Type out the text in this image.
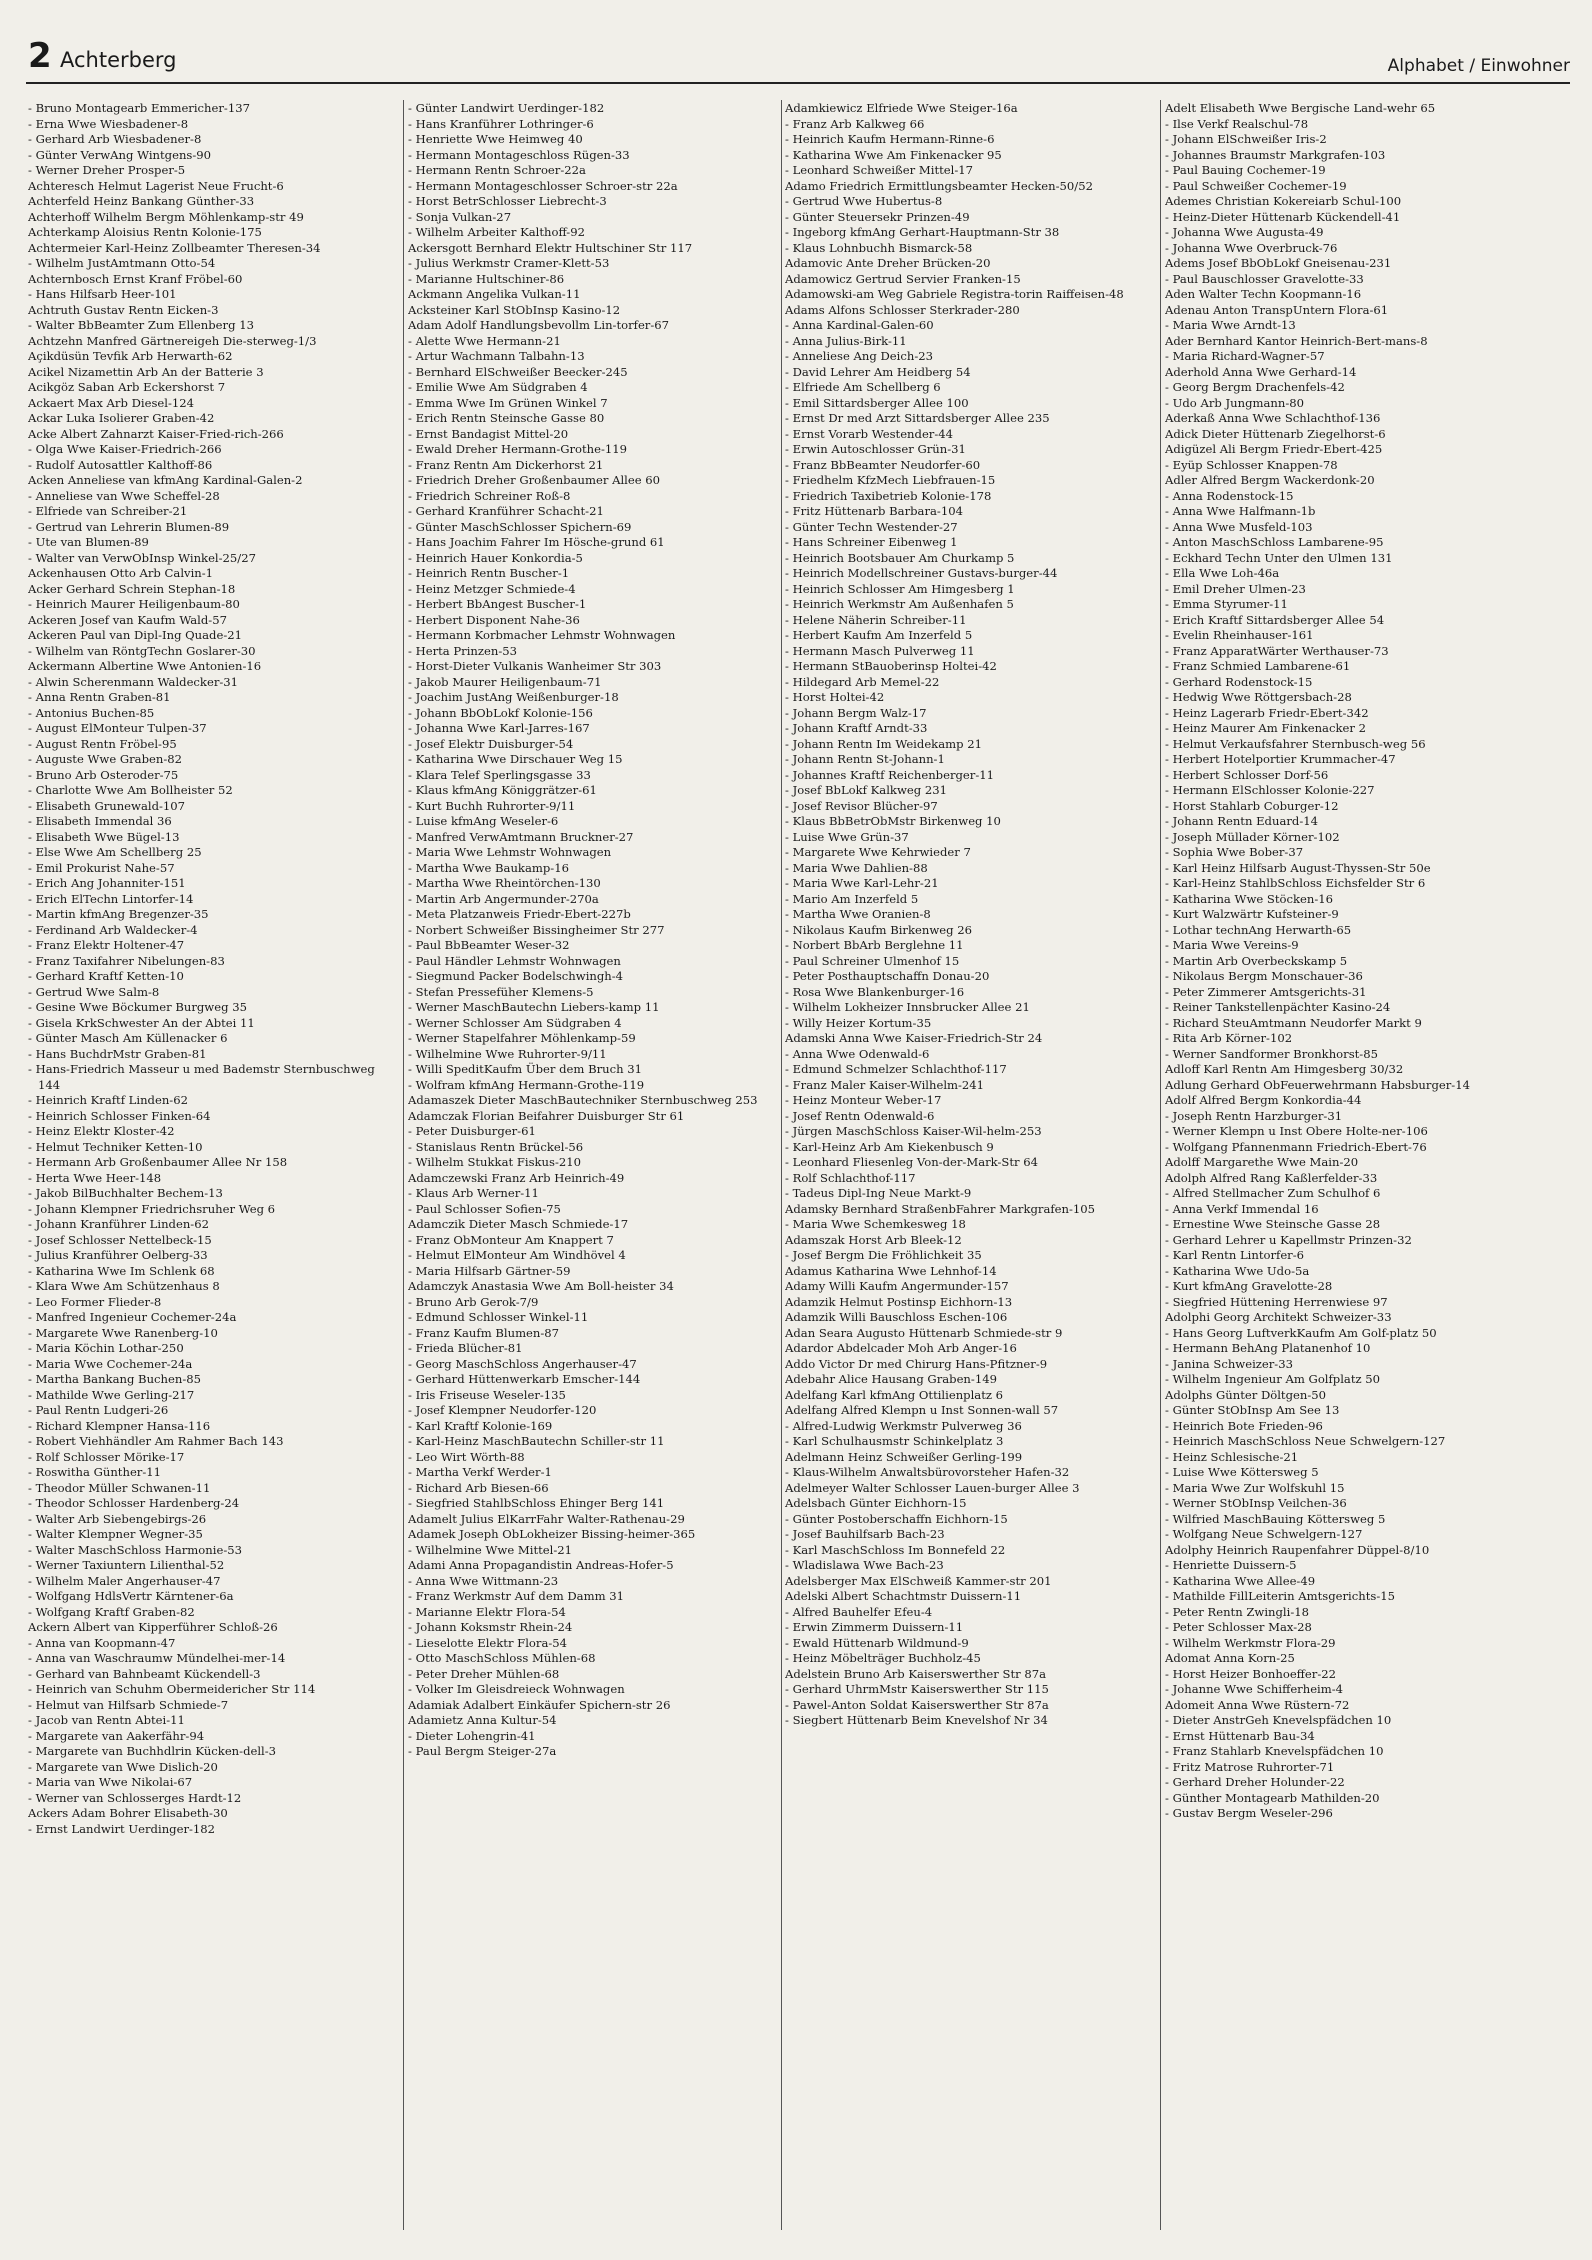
2 Achterberg	Alphabet / Einwohner
- Bruno Montagearb Emmericher-137
- Erna Wwe Wiesbadener-8
- Gerhard Arb Wiesbadener-8
- Günter VerwAng Wintgens-90
- Werner Dreher Prosper-5
Achteresch Helmut Lagerist Neue Frucht-6
Achterfeld Heinz Bankang Günther-33
Achterhoff Wilhelm Bergm Möhlenkamp-str 49
Achterkamp Aloisius Rentn Kolonie-175
Achtermeier Karl-Heinz Zollbeamter Theresen-34
- Wilhelm JustAmtmann Otto-54
Achternbosch Ernst Kranf Fröbel-60
- Hans Hilfsarb Heer-101
Achtruth Gustav Rentn Eicken-3
- Walter BbBeamter Zum Ellenberg 13
Achtzehn Manfred Gärtnereigeh Die-sterweg-1/3
Açikdüsün Tevfik Arb Herwarth-62
Acikel Nizamettin Arb An der Batterie 3
Acikgöz Saban Arb Eckershorst 7
Ackaert Max Arb Diesel-124
Ackar Luka Isolierer Graben-42
Acke Albert Zahnarzt Kaiser-Fried-rich-266
- Olga Wwe Kaiser-Friedrich-266
- Rudolf Autosattler Kalthoff-86
Acken Anneliese van kfmAng Kardinal-Galen-2
- Anneliese van Wwe Scheffel-28
- Elfriede van Schreiber-21
- Gertrud van Lehrerin Blumen-89
- Ute van Blumen-89
- Walter van VerwObInsp Winkel-25/27
Ackenhausen Otto Arb Calvin-1
Acker Gerhard Schrein Stephan-18
- Heinrich Maurer Heiligenbaum-80
Ackeren Josef van Kaufm Wald-57
Ackeren Paul van Dipl-Ing Quade-21
- Wilhelm van RöntgTechn Goslarer-30
Ackermann Albertine Wwe Antonien-16
- Alwin Scherenmann Waldecker-31
- Anna Rentn Graben-81
- Antonius Buchen-85
- August ElMonteur Tulpen-37
- August Rentn Fröbel-95
- Auguste Wwe Graben-82
- Bruno Arb Osteroder-75
- Charlotte Wwe Am Bollheister 52
- Elisabeth Grunewald-107
- Elisabeth Immendal 36
- Elisabeth Wwe Bügel-13
- Else Wwe Am Schellberg 25
- Emil Prokurist Nahe-57
- Erich Ang Johanniter-151
- Erich ElTechn Lintorfer-14
- Martin kfmAng Bregenzer-35
- Ferdinand Arb Waldecker-4
- Franz Elektr Holtener-47
- Franz Taxifahrer Nibelungen-83
- Gerhard Kraftf Ketten-10
- Gertrud Wwe Salm-8
- Gesine Wwe Böckumer Burgweg 35
- Gisela KrkSchwester An der Abtei 11
- Günter Masch Am Küllenacker 6
- Hans BuchdrMstr Graben-81
- Hans-Friedrich Masseur u med Bademstr Sternbuschweg 144
- Heinrich Kraftf Linden-62
- Heinrich Schlosser Finken-64
- Heinz Elektr Kloster-42
- Helmut Techniker Ketten-10
- Hermann Arb Großenbaumer Allee Nr 158
- Herta Wwe Heer-148
- Jakob BilBuchhalter Bechem-13
- Johann Klempner Friedrichsruher Weg 6
- Johann Kranführer Linden-62
- Josef Schlosser Nettelbeck-15
- Julius Kranführer Oelberg-33
- Katharina Wwe Im Schlenk 68
- Klara Wwe Am Schützenhaus 8
- Leo Former Flieder-8
- Manfred Ingenieur Cochemer-24a
- Margarete Wwe Ranenberg-10
- Maria Köchin Lothar-250
- Maria Wwe Cochemer-24a
- Martha Bankang Buchen-85
- Mathilde Wwe Gerling-217
- Paul Rentn Ludgeri-26
- Richard Klempner Hansa-116
- Robert Viehhändler Am Rahmer Bach 143
- Rolf Schlosser Mörike-17
- Roswitha Günther-11
- Theodor Müller Schwanen-11
- Theodor Schlosser Hardenberg-24
- Walter Arb Siebengebirgs-26
- Walter Klempner Wegner-35
- Walter MaschSchloss Harmonie-53
- Werner Taxiuntern Lilienthal-52
- Wilhelm Maler Angerhauser-47
- Wolfgang HdlsVertr Kärntener-6a
- Wolfgang Kraftf Graben-82
Ackern Albert van Kipperführer Schloß-26
- Anna van Koopmann-47
- Anna van Waschraumw Mündelhei-mer-14
- Gerhard van Bahnbeamt Kückendell-3
- Heinrich van Schuhm Obermeidericher Str 114
- Helmut van Hilfsarb Schmiede-7
- Jacob van Rentn Abtei-11
- Margarete van Aakerfähr-94
- Margarete van Buchhdlrin Kücken-dell-3
- Margarete van Wwe Dislich-20
- Maria van Wwe Nikolai-67
- Werner van Schlosserges Hardt-12
Ackers Adam Bohrer Elisabeth-30
- Ernst Landwirt Uerdinger-182
- Günter Landwirt Uerdinger-182
- Hans Kranführer Lothringer-6
- Henriette Wwe Heimweg 40
- Hermann Montageschloss Rügen-33
- Hermann Rentn Schroer-22a
- Hermann Montageschlosser Schroer-str 22a
- Horst BetrSchlosser Liebrecht-3
- Sonja Vulkan-27
- Wilhelm Arbeiter Kalthoff-92
Ackersgott Bernhard Elektr Hultschiner Str 117
- Julius Werkmstr Cramer-Klett-53
- Marianne Hultschiner-86
Ackmann Angelika Vulkan-11
Acksteiner Karl StObInsp Kasino-12
Adam Adolf Handlungsbevollm Lin-torfer-67
- Alette Wwe Hermann-21
- Artur Wachmann Talbahn-13
- Bernhard ElSchweißer Beecker-245
- Emilie Wwe Am Südgraben 4
- Emma Wwe Im Grünen Winkel 7
- Erich Rentn Steinsche Gasse 80
- Ernst Bandagist Mittel-20
- Ewald Dreher Hermann-Grothe-119
- Franz Rentn Am Dickerhorst 21
- Friedrich Dreher Großenbaumer Allee 60
- Friedrich Schreiner Roß-8
- Gerhard Kranführer Schacht-21
- Günter MaschSchlosser Spichern-69
- Hans Joachim Fahrer Im Hösche-grund 61
- Heinrich Hauer Konkordia-5
- Heinrich Rentn Buscher-1
- Heinz Metzger Schmiede-4
- Herbert BbAngest Buscher-1
- Herbert Disponent Nahe-36
- Hermann Korbmacher Lehmstr Wohnwagen
- Herta Prinzen-53
- Horst-Dieter Vulkanis Wanheimer Str 303
- Jakob Maurer Heiligenbaum-71
- Joachim JustAng Weißenburger-18
- Johann BbObLokf Kolonie-156
- Johanna Wwe Karl-Jarres-167
- Josef Elektr Duisburger-54
- Katharina Wwe Dirschauer Weg 15
- Klara Telef Sperlingsgasse 33
- Klaus kfmAng Königgrätzer-61
- Kurt Buchh Ruhrorter-9/11
- Luise kfmAng Weseler-6
- Manfred VerwAmtmann Bruckner-27
- Maria Wwe Lehmstr Wohnwagen
- Martha Wwe Baukamp-16
- Martha Wwe Rheintörchen-130
- Martin Arb Angermunder-270a
- Meta Platzanweis Friedr-Ebert-227b
- Norbert Schweißer Bissingheimer Str 277
- Paul BbBeamter Weser-32
- Paul Händler Lehmstr Wohnwagen
- Siegmund Packer Bodelschwingh-4
- Stefan Pressefüher Klemens-5
- Werner MaschBautechn Liebers-kamp 11
- Werner Schlosser Am Südgraben 4
- Werner Stapelfahrer Möhlenkamp-59
- Wilhelmine Wwe Ruhrorter-9/11
- Willi SpeditKaufm Über dem Bruch 31
- Wolfram kfmAng Hermann-Grothe-119
Adamaszek Dieter MaschBautechniker Sternbuschweg 253
Adamczak Florian Beifahrer Duisburger Str 61
- Peter Duisburger-61
- Stanislaus Rentn Brückel-56
- Wilhelm Stukkat Fiskus-210
Adamczewski Franz Arb Heinrich-49
- Klaus Arb Werner-11
- Paul Schlosser Sofien-75
Adamczik Dieter Masch Schmiede-17
- Franz ObMonteur Am Knappert 7
- Helmut ElMonteur Am Windhövel 4
- Maria Hilfsarb Gärtner-59
Adamczyk Anastasia Wwe Am Boll-heister 34
- Bruno Arb Gerok-7/9
- Edmund Schlosser Winkel-11
- Franz Kaufm Blumen-87
- Frieda Blücher-81
- Georg MaschSchloss Angerhauser-47
- Gerhard Hüttenwerkarb Emscher-144
- Iris Friseuse Weseler-135
- Josef Klempner Neudorfer-120
- Karl Kraftf Kolonie-169
- Karl-Heinz MaschBautechn Schiller-str 11
- Leo Wirt Wörth-88
- Martha Verkf Werder-1
- Richard Arb Biesen-66
- Siegfried StahlbSchloss Ehinger Berg 141
Adamelt Julius ElKarrFahr Walter-Rathenau-29
Adamek Joseph ObLokheizer Bissing-heimer-365
- Wilhelmine Wwe Mittel-21
Adami Anna Propagandistin Andreas-Hofer-5
- Anna Wwe Wittmann-23
- Franz Werkmstr Auf dem Damm 31
- Marianne Elektr Flora-54
- Johann Koksmstr Rhein-24
- Lieselotte Elektr Flora-54
- Otto MaschSchloss Mühlen-68
- Peter Dreher Mühlen-68
- Volker Im Gleisdreieck Wohnwagen
Adamiak Adalbert Einkäufer Spichern-str 26
Adamietz Anna Kultur-54
- Dieter Lohengrin-41
- Paul Bergm Steiger-27a
Adamkiewicz Elfriede Wwe Steiger-16a
- Franz Arb Kalkweg 66
- Heinrich Kaufm Hermann-Rinne-6
- Katharina Wwe Am Finkenacker 95
- Leonhard Schweißer Mittel-17
Adamo Friedrich Ermittlungsbeamter Hecken-50/52
- Gertrud Wwe Hubertus-8
- Günter Steuersekr Prinzen-49
- Ingeborg kfmAng Gerhart-Hauptmann-Str 38
- Klaus Lohnbuchh Bismarck-58
Adamovic Ante Dreher Brücken-20
Adamowicz Gertrud Servier Franken-15
Adamowski-am Weg Gabriele Registra-torin Raiffeisen-48
Adams Alfons Schlosser Sterkrader-280
- Anna Kardinal-Galen-60
- Anna Julius-Birk-11
- Anneliese Ang Deich-23
- David Lehrer Am Heidberg 54
- Elfriede Am Schellberg 6
- Emil Sittardsberger Allee 100
- Ernst Dr med Arzt Sittardsberger Allee 235
- Ernst Vorarb Westender-44
- Erwin Autoschlosser Grün-31
- Franz BbBeamter Neudorfer-60
- Friedhelm KfzMech Liebfrauen-15
- Friedrich Taxibetrieb Kolonie-178
- Fritz Hüttenarb Barbara-104
- Günter Techn Westender-27
- Hans Schreiner Eibenweg 1
- Heinrich Bootsbauer Am Churkamp 5
- Heinrich Modellschreiner Gustavs-burger-44
- Heinrich Schlosser Am Himgesberg 1
- Heinrich Werkmstr Am Außenhafen 5
- Helene Näherin Schreiber-11
- Herbert Kaufm Am Inzerfeld 5
- Hermann Masch Pulverweg 11
- Hermann StBauoberinsp Holtei-42
- Hildegard Arb Memel-22
- Horst Holtei-42
- Johann Bergm Walz-17
- Johann Kraftf Arndt-33
- Johann Rentn Im Weidekamp 21
- Johann Rentn St-Johann-1
- Johannes Kraftf Reichenberger-11
- Josef BbLokf Kalkweg 231
- Josef Revisor Blücher-97
- Klaus BbBetrObMstr Birkenweg 10
- Luise Wwe Grün-37
- Margarete Wwe Kehrwieder 7
- Maria Wwe Dahlien-88
- Maria Wwe Karl-Lehr-21
- Mario Am Inzerfeld 5
- Martha Wwe Oranien-8
- Nikolaus Kaufm Birkenweg 26
- Norbert BbArb Berglehne 11
- Paul Schreiner Ulmenhof 15
- Peter Posthauptschaffn Donau-20
- Rosa Wwe Blankenburger-16
- Wilhelm Lokheizer Innsbrucker Allee 21
- Willy Heizer Kortum-35
Adamski Anna Wwe Kaiser-Friedrich-Str 24
- Anna Wwe Odenwald-6
- Edmund Schmelzer Schlachthof-117
- Franz Maler Kaiser-Wilhelm-241
- Heinz Monteur Weber-17
- Josef Rentn Odenwald-6
- Jürgen MaschSchloss Kaiser-Wil-helm-253
- Karl-Heinz Arb Am Kiekenbusch 9
- Leonhard Fliesenleg Von-der-Mark-Str 64
- Rolf Schlachthof-117
- Tadeus Dipl-Ing Neue Markt-9
Adamsky Bernhard StraßenbFahrer Markgrafen-105
- Maria Wwe Schemkesweg 18
Adamszak Horst Arb Bleek-12
- Josef Bergm Die Fröhlichkeit 35
Adamus Katharina Wwe Lehnhof-14
Adamy Willi Kaufm Angermunder-157
Adamzik Helmut Postinsp Eichhorn-13
Adamzik Willi Bauschloss Eschen-106
Adan Seara Augusto Hüttenarb Schmiede-str 9
Adardor Abdelcader Moh Arb Anger-16
Addo Victor Dr med Chirurg Hans-Pfitzner-9
Adebahr Alice Hausang Graben-149
Adelfang Karl kfmAng Ottilienplatz 6
Adelfang Alfred Klempn u Inst Sonnen-wall 57
- Alfred-Ludwig Werkmstr Pulverweg 36
- Karl Schulhausmstr Schinkelplatz 3
Adelmann Heinz Schweißer Gerling-199
- Klaus-Wilhelm Anwaltsbürovorsteher Hafen-32
Adelmeyer Walter Schlosser Lauen-burger Allee 3
Adelsbach Günter Eichhorn-15
- Günter Postoberschaffn Eichhorn-15
- Josef Bauhilfsarb Bach-23
- Karl MaschSchloss Im Bonnefeld 22
- Wladislawa Wwe Bach-23
Adelsberger Max ElSchweiß Kammer-str 201
Adelski Albert Schachtmstr Duissern-11
- Alfred Bauhelfer Efeu-4
- Erwin Zimmerm Duissern-11
- Ewald Hüttenarb Wildmund-9
- Heinz Möbelträger Buchholz-45
Adelstein Bruno Arb Kaiserswerther Str 87a
- Gerhard UhrmMstr Kaiserswerther Str 115
- Pawel-Anton Soldat Kaiserswerther Str 87a
- Siegbert Hüttenarb Beim Knevelshof Nr 34
Adelt Elisabeth Wwe Bergische Land-wehr 65
- Ilse Verkf Realschul-78
- Johann ElSchweißer Iris-2
- Johannes Braumstr Markgrafen-103
- Paul Bauing Cochemer-19
- Paul Schweißer Cochemer-19
Ademes Christian Kokereiarb Schul-100
- Heinz-Dieter Hüttenarb Kückendell-41
- Johanna Wwe Augusta-49
- Johanna Wwe Overbruck-76
Adems Josef BbObLokf Gneisenau-231
- Paul Bauschlosser Gravelotte-33
Aden Walter Techn Koopmann-16
Adenau Anton TranspUntern Flora-61
- Maria Wwe Arndt-13
Ader Bernhard Kantor Heinrich-Bert-mans-8
- Maria Richard-Wagner-57
Aderhold Anna Wwe Gerhard-14
- Georg Bergm Drachenfels-42
- Udo Arb Jungmann-80
Aderkaß Anna Wwe Schlachthof-136
Adick Dieter Hüttenarb Ziegelhorst-6
Adigüzel Ali Bergm Friedr-Ebert-425
- Eyüp Schlosser Knappen-78
Adler Alfred Bergm Wackerdonk-20
- Anna Rodenstock-15
- Anna Wwe Halfmann-1b
- Anna Wwe Musfeld-103
- Anton MaschSchloss Lambarene-95
- Eckhard Techn Unter den Ulmen 131
- Ella Wwe Loh-46a
- Emil Dreher Ulmen-23
- Emma Styrumer-11
- Erich Kraftf Sittardsberger Allee 54
- Evelin Rheinhauser-161
- Franz ApparatWärter Werthauser-73
- Franz Schmied Lambarene-61
- Gerhard Rodenstock-15
- Hedwig Wwe Röttgersbach-28
- Heinz Lagerarb Friedr-Ebert-342
- Heinz Maurer Am Finkenacker 2
- Helmut Verkaufsfahrer Sternbusch-weg 56
- Herbert Hotelportier Krummacher-47
- Herbert Schlosser Dorf-56
- Hermann ElSchlosser Kolonie-227
- Horst Stahlarb Coburger-12
- Johann Rentn Eduard-14
- Joseph Müllader Körner-102
- Sophia Wwe Bober-37
- Karl Heinz Hilfsarb August-Thyssen-Str 50e
- Karl-Heinz StahlbSchloss Eichsfelder Str 6
- Katharina Wwe Stöcken-16
- Kurt Walzwärtr Kufsteiner-9
- Lothar technAng Herwarth-65
- Maria Wwe Vereins-9
- Martin Arb Overbeckskamp 5
- Nikolaus Bergm Monschauer-36
- Peter Zimmerer Amtsgerichts-31
- Reiner Tankstellenpächter Kasino-24
- Richard SteuAmtmann Neudorfer Markt 9
- Rita Arb Körner-102
- Werner Sandformer Bronkhorst-85
Adloff Karl Rentn Am Himgesberg 30/32
Adlung Gerhard ObFeuerwehrmann Habsburger-14
Adolf Alfred Bergm Konkordia-44
- Joseph Rentn Harzburger-31
- Werner Klempn u Inst Obere Holte-ner-106
- Wolfgang Pfannenmann Friedrich-Ebert-76
Adolff Margarethe Wwe Main-20
Adolph Alfred Rang Kaßlerfelder-33
- Alfred Stellmacher Zum Schulhof 6
- Anna Verkf Immendal 16
- Ernestine Wwe Steinsche Gasse 28
- Gerhard Lehrer u Kapellmstr Prinzen-32
- Karl Rentn Lintorfer-6
- Katharina Wwe Udo-5a
- Kurt kfmAng Gravelotte-28
- Siegfried Hüttening Herrenwiese 97
Adolphi Georg Architekt Schweizer-33
- Hans Georg LuftverkKaufm Am Golf-platz 50
- Hermann BehAng Platanenhof 10
- Janina Schweizer-33
- Wilhelm Ingenieur Am Golfplatz 50
Adolphs Günter Döltgen-50
- Günter StObInsp Am See 13
- Heinrich Bote Frieden-96
- Heinrich MaschSchloss Neue Schwelgern-127
- Heinz Schlesische-21
- Luise Wwe Köttersweg 5
- Maria Wwe Zur Wolfskuhl 15
- Werner StObInsp Veilchen-36
- Wilfried MaschBauing Köttersweg 5
- Wolfgang Neue Schwelgern-127
Adolphy Heinrich Raupenfahrer Düppel-8/10
- Henriette Duissern-5
- Katharina Wwe Allee-49
- Mathilde FillLeiterin Amtsgerichts-15
- Peter Rentn Zwingli-18
- Peter Schlosser Max-28
- Wilhelm Werkmstr Flora-29
Adomat Anna Korn-25
- Horst Heizer Bonhoeffer-22
- Johanne Wwe Schifferheim-4
Adomeit Anna Wwe Rüstern-72
- Dieter AnstrGeh Knevelspfädchen 10
- Ernst Hüttenarb Bau-34
- Franz Stahlarb Knevelspfädchen 10
- Fritz Matrose Ruhrorter-71
- Gerhard Dreher Holunder-22
- Günther Montagearb Mathilden-20
- Gustav Bergm Weseler-296
